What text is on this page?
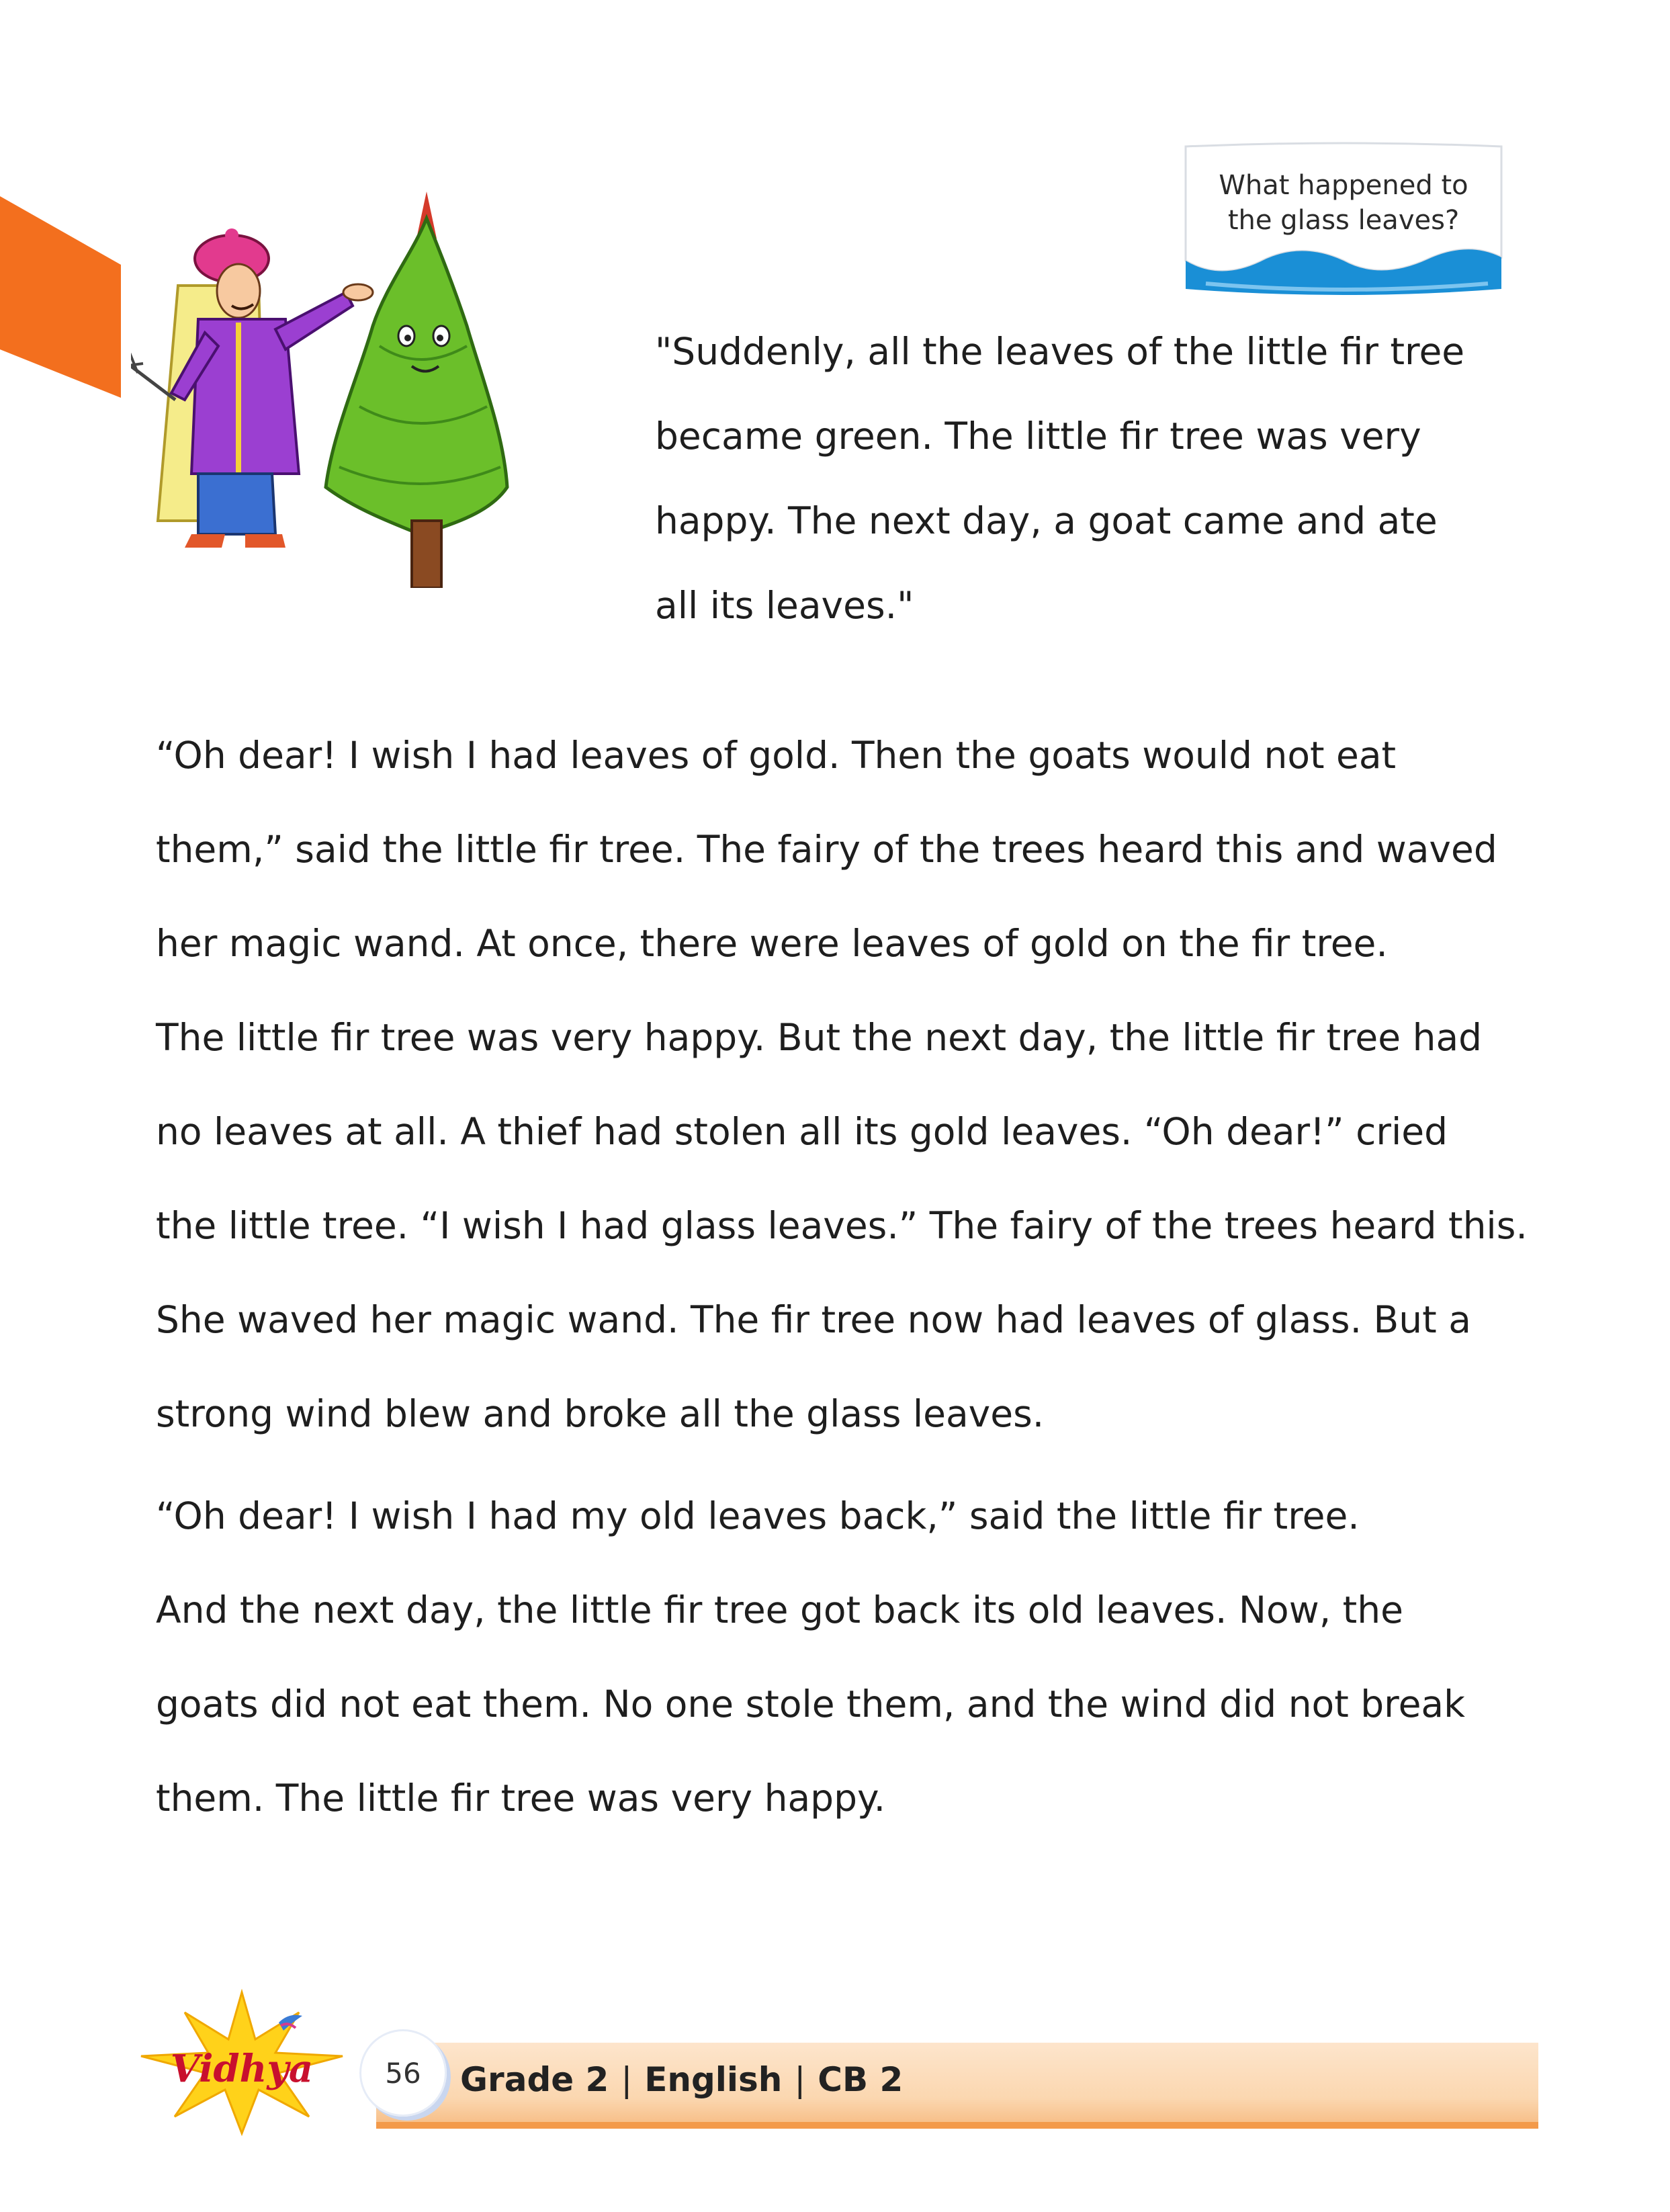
What happened to
the glass leaves?

"Suddenly, all the leaves of the little fir tree

became green. The little fir tree was very

happy. The next day, a goat came and ate

all its leaves."

“Oh dear! I wish I had leaves of gold. Then the goats would not eat

them,” said the little fir tree. The fairy of the trees heard this and waved

her magic wand. At once, there were leaves of gold on the fir tree.

The little fir tree was very happy. But the next day, the little fir tree had

no leaves at all. A thief had stolen all its gold leaves. “Oh dear!” cried

the little tree. “I wish I had glass leaves.” The fairy of the trees heard this.

She waved her magic wand. The fir tree now had leaves of glass. But a

strong wind blew and broke all the glass leaves.

“Oh dear! I wish I had my old leaves back,” said the little fir tree.

And the next day, the little fir tree got back its old leaves. Now, the

goats did not eat them. No one stole them, and the wind did not break

them. The little fir tree was very happy.

Vidhya	56	Grade 2 | English | CB 2
